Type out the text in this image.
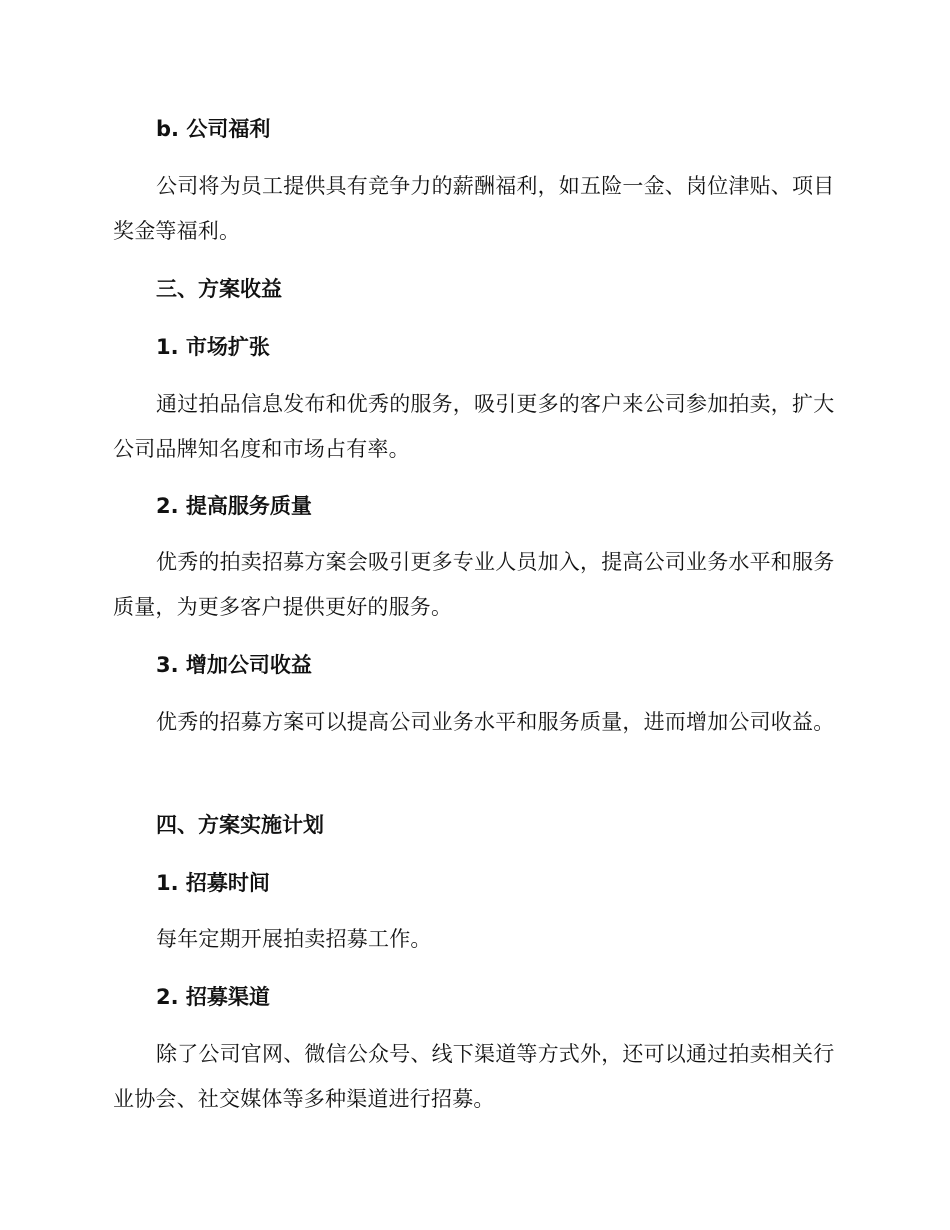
b. 公司福利

公司将为员工提供具有竞争力的薪酬福利，如五险一金、岗位津贴、项目奖金等福利。

三、方案收益
1. 市场扩张

通过拍品信息发布和优秀的服务，吸引更多的客户来公司参加拍卖，扩大公司品牌知名度和市场占有率。

2. 提高服务质量

优秀的拍卖招募方案会吸引更多专业人员加入，提高公司业务水平和服务质量，为更多客户提供更好的服务。

3. 增加公司收益

优秀的招募方案可以提高公司业务水平和服务质量，进而增加公司收益。

四、方案实施计划
1. 招募时间

每年定期开展拍卖招募工作。

2. 招募渠道

除了公司官网、微信公众号、线下渠道等方式外，还可以通过拍卖相关行业协会、社交媒体等多种渠道进行招募。
